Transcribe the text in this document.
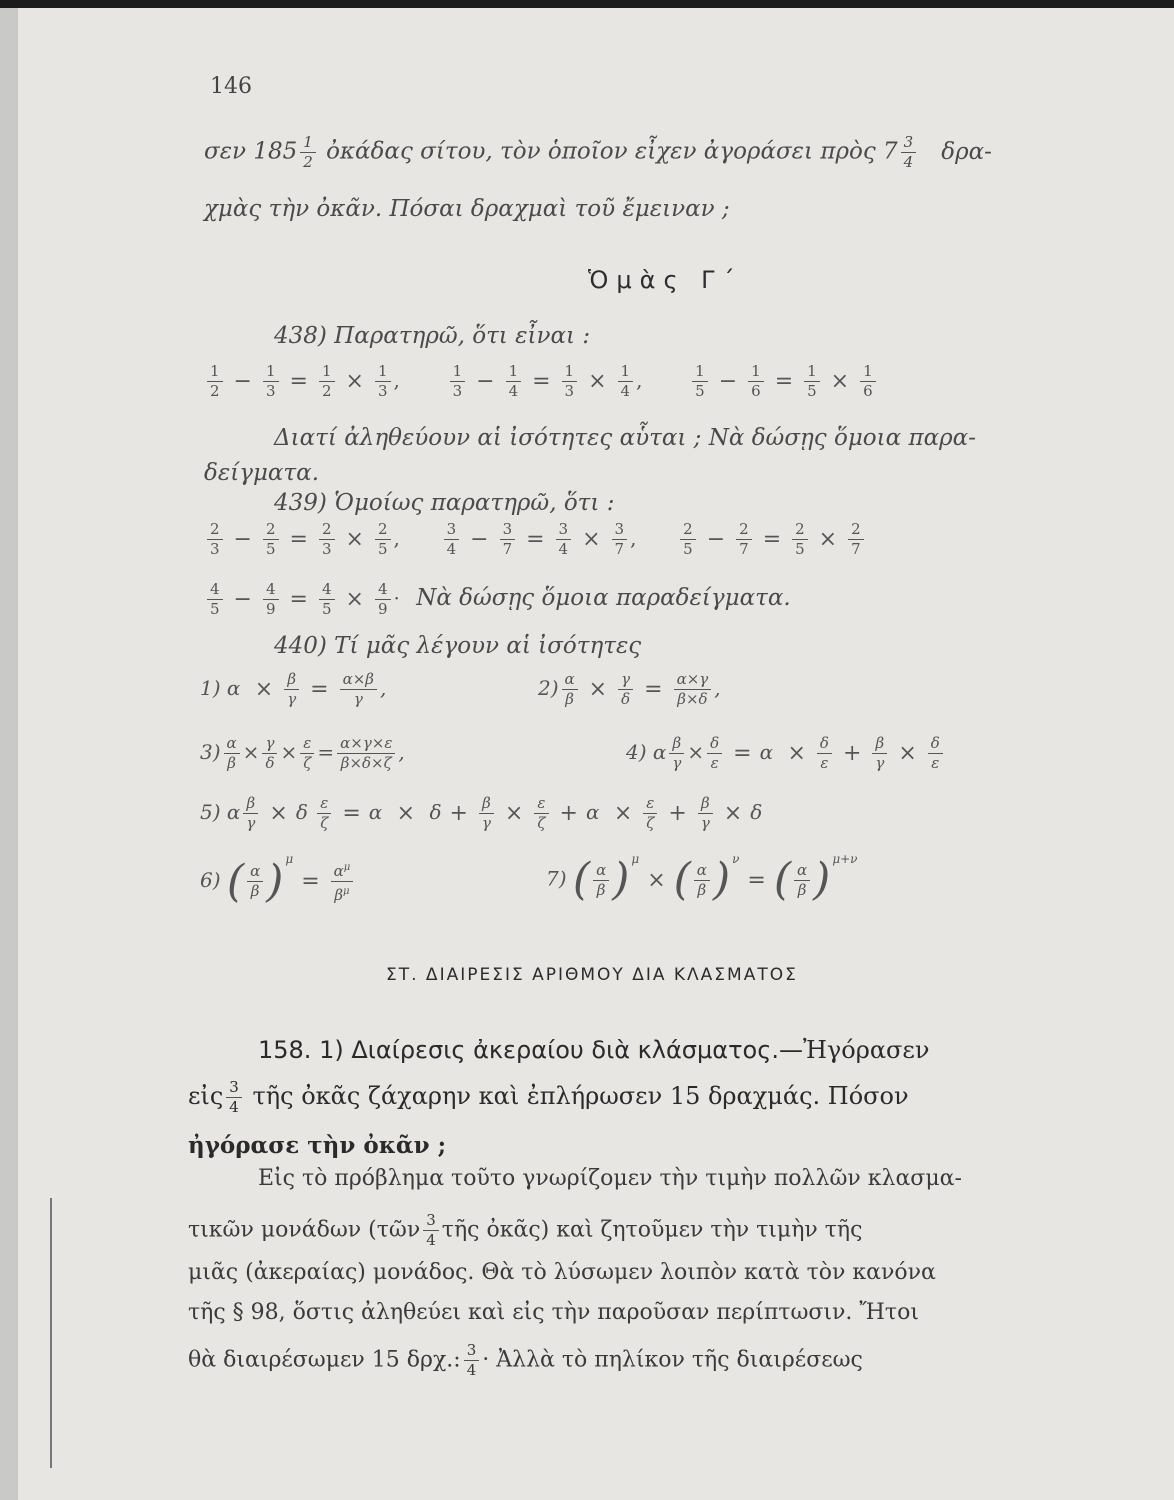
146
σεν $185 \frac{1}{2}$ ὀκάδας σίτου, τὸν ὁποῖον εἶχεν ἀγοράσει πρὸς $7 \frac{3}{4} \delta\rho\alpha-$
χμὰς τὴν ὀκᾶν. Πόσαι δραχμαὶ τοῦ ἔμειναν ;
Ὁμὰς Γ΄
438) Παρατηρῶ, ὅτι εἶναι :
$\frac{1}{2} - \frac{1}{3} = \frac{1}{2} \times \frac{1}{3}$ ,	$\frac{1}{3} - \frac{1}{4} = \frac{1}{3} \times \frac{1}{4}$ ,	$\frac{1}{5} - \frac{1}{6} = \frac{1}{5} \times \frac{1}{6}$
Διατί ἀληθεύουν αἱ ἰσότητες αὗται ; Νὰ δώσῃς ὅμοια παρα-
δείγματα.
439) Ὁμοίως παρατηρῶ, ὅτι :
$\frac{2}{3} - \frac{2}{5} = \frac{2}{3} \times \frac{2}{5}$ , $\frac{3}{4} - \frac{3}{7} = \frac{3}{4} \times \frac{3}{7}$ , $\frac{2}{5} - \frac{2}{7} = \frac{2}{5} \times \frac{2}{7}$
$\frac{4}{5} - \frac{4}{9} = \frac{4}{5} \times \frac{4}{9}$ · Νὰ δώσῃς ὅμοια παραδείγματα.
440) Τί μᾶς λέγουν αἱ ἰσότητες
1) $\alpha \times \frac{\beta}{\gamma} = \frac{\alpha\times\beta}{\gamma}$ ,	$2) \frac{\alpha}{\beta} \times \frac{\gamma}{\delta} = \frac{\alpha\times\gamma}{\beta\times\delta}$ ,
$3) \frac{\alpha}{\beta} \times \frac{\gamma}{\delta} \times \frac{\varepsilon}{\zeta} = \frac{\alpha\times\gamma\times\varepsilon}{\beta\times\delta\times\zeta}$ ,	4) α $\frac{\beta}{\gamma} \times \frac{\delta}{\varepsilon} = \alpha \times \frac{\delta}{\varepsilon} + \frac{\beta}{\gamma} \times \frac{\delta}{\varepsilon}$
5) α $\frac{\beta}{\gamma} \times \delta \frac{\varepsilon}{\zeta} = \alpha \times \delta + \frac{\beta}{\gamma} \times \frac{\varepsilon}{\zeta} + \alpha \times \frac{\varepsilon}{\zeta} + \frac{\beta}{\gamma} \times \delta$
6) ( $\frac{\alpha}{\beta}$ ) $^\mu= \frac{\alpha^\mu}{\beta^\mu}$	7) ( $\frac{\alpha}{\beta}$ ) $^\mu$× ( $\frac{\alpha}{\beta}$ ) $^\nu$= ( $\frac{\alpha}{\beta}$ ) $^{\mu+\nu}$
ΣΤ. ΔΙΑΙΡΕΣΙΣ ΑΡΙΘΜΟΥ ΔΙΑ ΚΛΑΣΜΑΤΟΣ
158. 1) Διαίρεσις ἀκεραίου διὰ κλάσματος.—Ἠγόρασεν
εἰς $\frac{3}{4}$ τῆς ὀκᾶς ζάχαρην καὶ ἐπλήρωσεν 15 δραχμάς. Πόσον
ἠγόρασε τὴν ὀκᾶν ;
Εἰς τὸ πρόβλημα τοῦτο γνωρίζομεν τὴν τιμὴν πολλῶν κλασμα-
τικῶν μονάδων (τῶν $\frac{3}{4}$ τῆς ὀκᾶς) καὶ ζητοῦμεν τὴν τιμὴν τῆς
μιᾶς (ἀκεραίας) μονάδος. Θὰ τὸ λύσωμεν λοιπὸν κατὰ τὸν κανόνα
τῆς § 98, ὅστις ἀληθεύει καὶ εἰς τὴν παροῦσαν περίπτωσιν. Ἤτοι
θὰ διαιρέσωμεν 15 δρχ.: $\frac{3}{4}$ · Ἀλλὰ τὸ πηλίκον τῆς διαιρέσεως
